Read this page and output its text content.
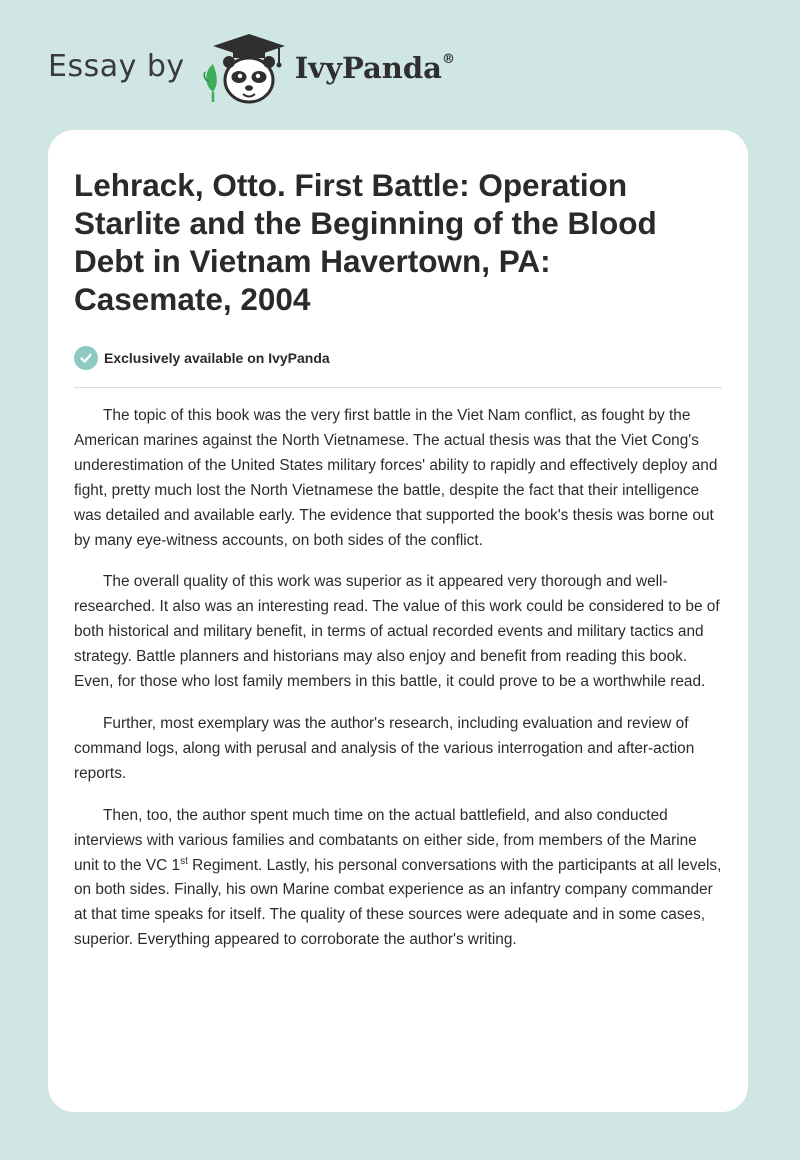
Essay by	IvyPanda®
Lehrack, Otto. First Battle: Operation Starlite and the Beginning of the Blood Debt in Vietnam Havertown, PA: Casemate, 2004
Exclusively available on IvyPanda

The topic of this book was the very first battle in the Viet Nam conflict, as fought by the American marines against the North Vietnamese. The actual thesis was that the Viet Cong's underestimation of the United States military forces' ability to rapidly and effectively deploy and fight, pretty much lost the North Vietnamese the battle, despite the fact that their intelligence was detailed and available early. The evidence that supported the book's thesis was borne out by many eye-witness accounts, on both sides of the conflict.

The overall quality of this work was superior as it appeared very thorough and well-researched. It also was an interesting read. The value of this work could be considered to be of both historical and military benefit, in terms of actual recorded events and military tactics and strategy. Battle planners and historians may also enjoy and benefit from reading this book. Even, for those who lost family members in this battle, it could prove to be a worthwhile read.

Further, most exemplary was the author's research, including evaluation and review of command logs, along with perusal and analysis of the various interrogation and after-action reports.

Then, too, the author spent much time on the actual battlefield, and also conducted interviews with various families and combatants on either side, from members of the Marine unit to the VC 1st Regiment. Lastly, his personal conversations with the participants at all levels, on both sides. Finally, his own Marine combat experience as an infantry company commander at that time speaks for itself. The quality of these sources were adequate and in some cases, superior. Everything appeared to corroborate the author's writing.
